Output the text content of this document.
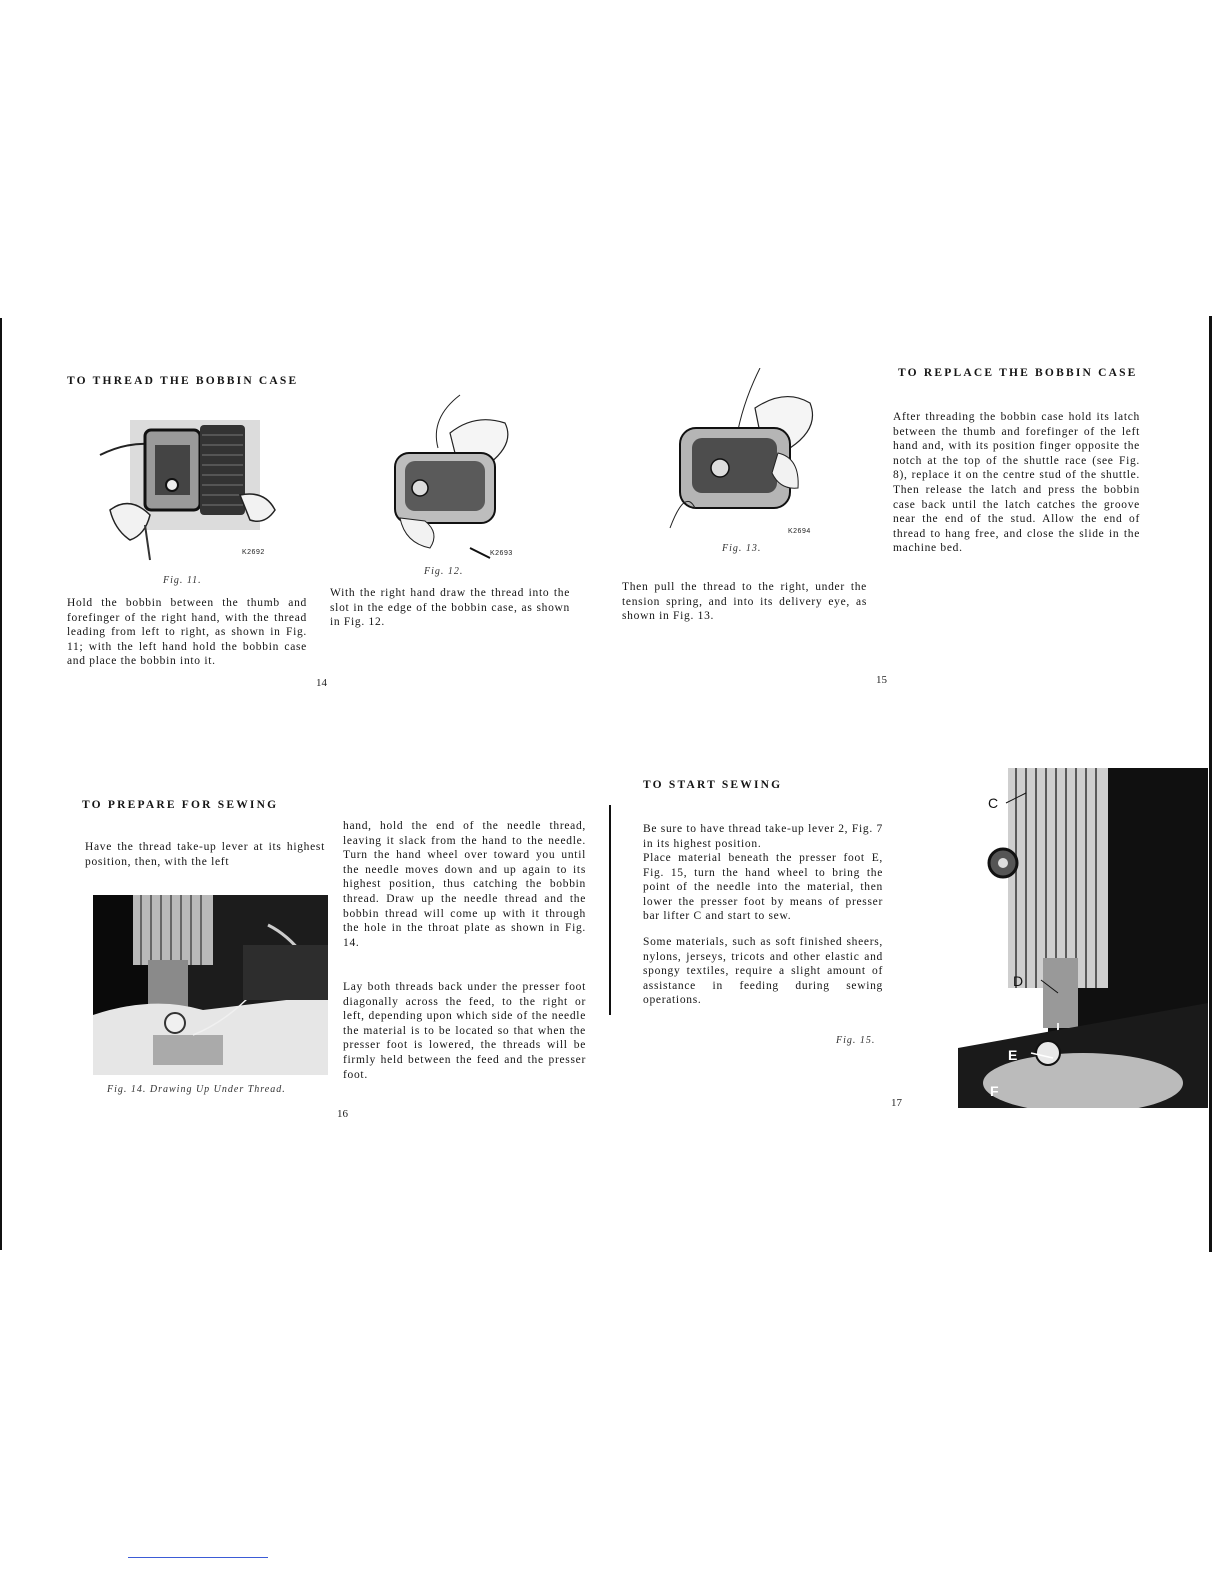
TO THREAD THE BOBBIN CASE
K2692
Fig. 11.

Hold the bobbin between the thumb and forefinger of the right hand, with the thread leading from left to right, as shown in Fig. 11; with the left hand hold the bobbin case and place the bobbin into it.

14
K2693
Fig. 12.

With the right hand draw the thread into the slot in the edge of the bobbin case, as shown in Fig. 12.

K2694
Fig. 13.

Then pull the thread to the right, under the tension spring, and into its delivery eye, as shown in Fig. 13.

TO REPLACE THE BOBBIN CASE

After threading the bobbin case hold its latch between the thumb and forefinger of the left hand and, with its position finger opposite the notch at the top of the shuttle race (see Fig. 8), replace it on the centre stud of the shuttle. Then release the latch and press the bobbin case back until the latch catches the groove near the end of the stud. Allow the end of thread to hang free, and close the slide in the machine bed.

15
TO PREPARE FOR SEWING

Have the thread take-up lever at its highest position, then, with the left

Fig. 14. Drawing Up Under Thread.

hand, hold the end of the needle thread, leaving it slack from the hand to the needle. Turn the hand wheel over toward you until the needle moves down and up again to its highest position, thus catching the bobbin thread. Draw up the needle thread and the bobbin thread will come up with it through the hole in the throat plate as shown in Fig. 14.

Lay both threads back under the presser foot diagonally across the feed, to the right or left, depending upon which side of the needle the material is to be located so that when the presser foot is lowered, the threads will be firmly held between the feed and the presser foot.

16
TO START SEWING

Be sure to have thread take-up lever 2, Fig. 7 in its highest position.

Place material beneath the presser foot E, Fig. 15, turn the hand wheel to bring the point of the needle into the material, then lower the presser foot by means of presser bar lifter C and start to sew.

Some materials, such as soft finished sheers, nylons, jerseys, tricots and other elastic and spongy textiles, require a slight amount of assistance in feeding during sewing operations.

Fig. 15.
17
C
D
E
F
